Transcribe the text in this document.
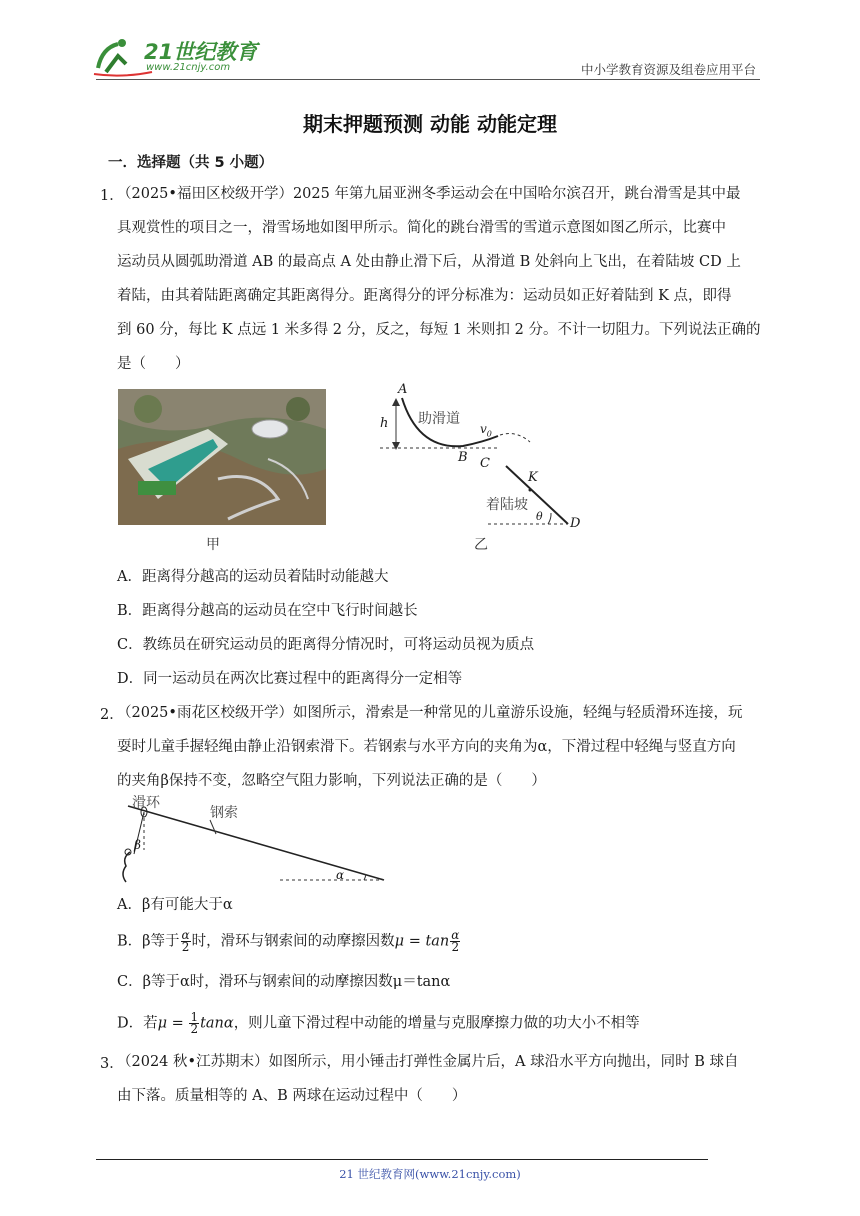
21世纪教育
www.21cnjy.com	中小学教育资源及组卷应用平台
期末押题预测 动能 动能定理
一．选择题（共 5 小题）
1．
（2025•福田区校级开学）2025 年第九届亚洲冬季运动会在中国哈尔滨召开，跳台滑雪是其中最
具观赏性的项目之一，滑雪场地如图甲所示。简化的跳台滑雪的雪道示意图如图乙所示，比赛中
运动员从圆弧助滑道 AB 的最高点 A 处由静止滑下后，从滑道 B 处斜向上飞出，在着陆坡 CD 上
着陆，由其着陆距离确定其距离得分。距离得分的评分标准为：运动员如正好着陆到 K 点，即得
到 60 分，每比 K 点远 1 米多得 2 分，反之，每短 1 米则扣 2 分。不计一切阻力。下列说法正确的
是（　　）
甲
A
h 助滑道
$v_0$
B C
K
着陆坡
θ D
乙
A．距离得分越高的运动员着陆时动能越大
B．距离得分越高的运动员在空中飞行时间越长
C．教练员在研究运动员的距离得分情况时，可将运动员视为质点
D．同一运动员在两次比赛过程中的距离得分一定相等
2．
（2025•雨花区校级开学）如图所示，滑索是一种常见的儿童游乐设施，轻绳与轻质滑环连接，玩
耍时儿童手握轻绳由静止沿钢索滑下。若钢索与水平方向的夹角为α，下滑过程中轻绳与竖直方向
的夹角β保持不变，忽略空气阻力影响，下列说法正确的是（　　）
滑环
钢索
β
α
A．β有可能大于α
B．β等于 $\frac{\alpha}{2}$ 时，滑环与钢索间的动摩擦因数$\mu = \tan \frac{\alpha}{2}$
C．β等于α时，滑环与钢索间的动摩擦因数μ＝tanα
D．若$\mu = \frac{1}{2}$ tanα，则儿童下滑过程中动能的增量与克服摩擦力做的功大小不相等
3．
（2024 秋•江苏期末）如图所示，用小锤击打弹性金属片后，A 球沿水平方向抛出，同时 B 球自
由下落。质量相等的 A、B 两球在运动过程中（　　）
21 世纪教育网(www.21cnjy.com)
